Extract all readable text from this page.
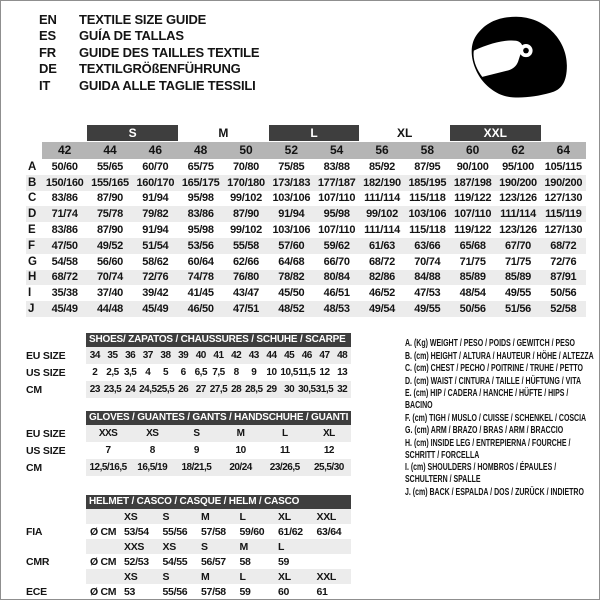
EN	TEXTILE SIZE GUIDE
ES	GUÍA DE TALLAS
FR	GUIDE DES TAILLES TEXTILE
DE	TEXTILGRÖßENFÜHRUNG
IT	GUIDA ALLE TAGLIE TESSILI
S	M	L	XL	XXL
42	44	46	48	50	52	54	56	58	60	62	64
A	50/60	55/65	60/70	65/75	70/80	75/85	83/88	85/92	87/95	90/100	95/100 105/115
B 150/160 155/165 160/170 165/175 170/180 173/183 177/187 182/190 185/195 187/198 190/200 190/200
C	83/86	87/90	91/94	95/98	99/102 103/106 107/110 111/114 115/118 119/122 123/126 127/130
D	71/74	75/78	79/82	83/86	87/90	91/94	95/98	99/102 103/106 107/110 111/114 115/119
E	83/86	87/90	91/94	95/98	99/102 103/106 107/110 111/114 115/118 119/122 123/126 127/130
F	47/50	49/52	51/54	53/56	55/58	57/60	59/62	61/63	63/66	65/68	67/70	68/72
G	54/58	56/60	58/62	60/64	62/66	64/68	66/70	68/72	70/74	71/75	71/75	72/76
H	68/72	70/74	72/76	74/78	76/80	78/82	80/84	82/86	84/88	85/89	85/89	87/91
I	35/38	37/40	39/42	41/45	43/47	45/50	46/51	46/52	47/53	48/54	49/55	50/56
J	45/49	44/48	45/49	46/50	47/51	48/52	48/53	49/54	49/55	50/56	51/56	52/58
SHOES/ ZAPATOS / CHAUSSURES / SCHUHE / SCARPE
EU SIZE	34 35 36 37 38 39 40 41 42 43 44 45 46 47 48
US SIZE	2 2,5 3,5 4	5	6 6,5 7,5 8	9	10 10,5 11,5 12 13
CM	23 23,5 24 24,5 25,5 26 27 27,5 28 28,5 29 30 30,5 31,5 32
GLOVES / GUANTES / GANTS / HANDSCHUHE / GUANTI
EU SIZE	XXS	XS	S	M	L	XL
US SIZE	7	8	9	10	11	12
CM	12,5/16,5	16,5/19	18/21,5	20/24	23/26,5	25,5/30
HELMET / CASCO / CASQUE / HELM / CASCO
XS	S	M	L	XL	XXL
FIA	Ø CM 53/54	55/56	57/58	59/60	61/62	63/64
XXS	XS	S	M	L
CMR	Ø CM 52/53	54/55	56/57	58	59
XS	S	M	L	XL	XXL
ECE	Ø CM 53	55/56	57/58	59	60	61
A. (Kg) WEIGHT / PESO / POIDS / GEWITCH / PESO
B. (cm) HEIGHT / ALTURA / HAUTEUR / HÖHE / ALTEZZA
C. (cm) CHEST / PECHO / POITRINE / TRUHE / PETTO
D. (cm) WAIST / CINTURA / TAILLE / HÜFTUNG / VITA
E. (cm) HIP / CADERA / HANCHE / HÜFTE / HIPS / BACINO
F. (cm) TIGH / MUSLO / CUISSE / SCHENKEL / COSCIA
G. (cm) ARM / BRAZO / BRAS / ARM / BRACCIO
H. (cm) INSIDE LEG / ENTREPIERNA / FOURCHE / SCHRITT / FORCELLA
I. (cm) SHOULDERS / HOMBROS / ÉPAULES / SCHULTERN / SPALLE
J. (cm) BACK / ESPALDA / DOS / ZURÜCK / INDIETRO
